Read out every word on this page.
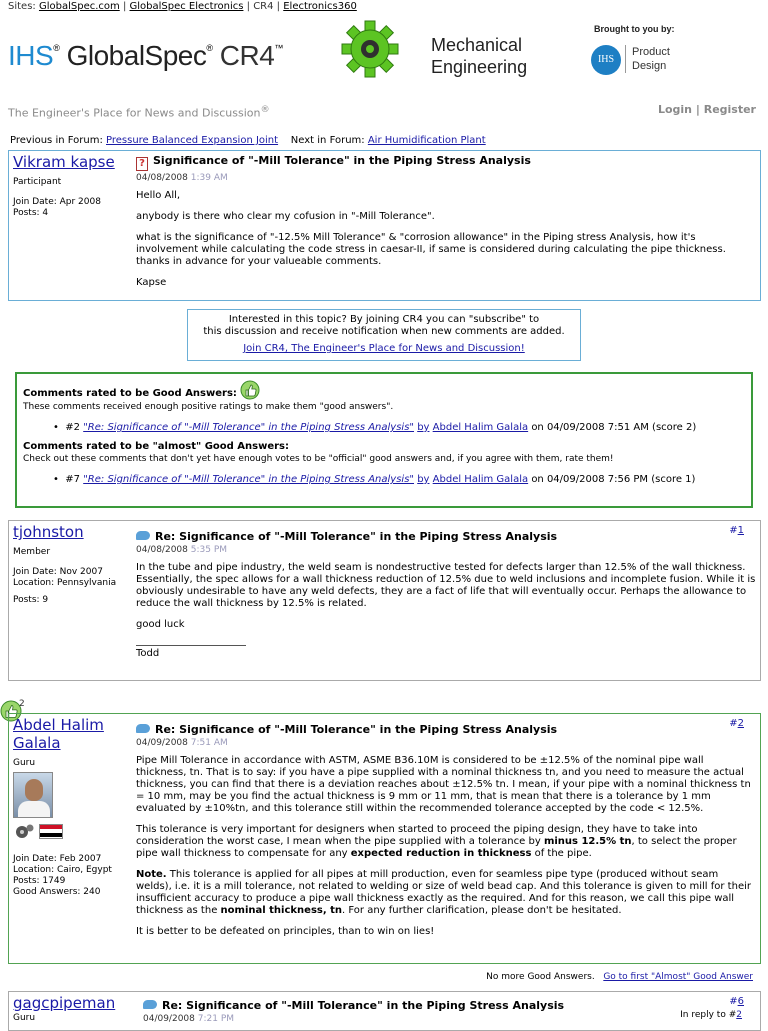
Sites: GlobalSpec.com | GlobalSpec Electronics | CR4 | Electronics360
IHS® GlobalSpec® CR4™	Mechanical
Engineering
Brought to you by:
IHS
Product
Design
The Engineer's Place for News and Discussion®	Login | Register
Previous in Forum: Pressure Balanced Expansion Joint Next in Forum: Air Humidification Plant
Vikram kapse
Participant
Join Date: Apr 2008
Posts: 4
? Significance of "-Mill Tolerance" in the Piping Stress Analysis
04/08/2008 1:39 AM

Hello All,

anybody is there who clear my cofusion in "-Mill Tolerance".

what is the significance of "-12.5% Mill Tolerance" & "corrosion allowance" in the Piping stress Analysis, how it's involvement while calculating the code stress in caesar-II, if same is considered during calculating the pipe thickness. thanks in advance for your valueable comments.

Kapse

Interested in this topic? By joining CR4 you can "subscribe" to
this discussion and receive notification when new comments are added.
Join CR4, The Engineer's Place for News and Discussion!
Comments rated to be Good Answers:
These comments received enough positive ratings to make them "good answers".
•  #2 "Re: Significance of "-Mill Tolerance" in the Piping Stress Analysis" by Abdel Halim Galala on 04/09/2008 7:51 AM (score 2)
Comments rated to be "almost" Good Answers:
Check out these comments that don't yet have enough votes to be "official" good answers and, if you agree with them, rate them!
•  #7 "Re: Significance of "-Mill Tolerance" in the Piping Stress Analysis" by Abdel Halim Galala on 04/09/2008 7:56 PM (score 1)
tjohnston
Member
Join Date: Nov 2007
Location: Pennsylvania
Posts: 9
#1
Re: Significance of "-Mill Tolerance" in the Piping Stress Analysis
04/08/2008 5:35 PM

In the tube and pipe industry, the weld seam is nondestructive tested for defects larger than 12.5% of the wall thickness. Essentially, the spec allows for a wall thickness reduction of 12.5% due to weld inclusions and incomplete fusion. While it is obviously undesirable to have any weld defects, they are a fact of life that will eventually occur. Perhaps the allowance to reduce the wall thickness by 12.5% is related.

good luck

Todd
2
Abdel Halim Galala
Guru
Join Date: Feb 2007
Location: Cairo, Egypt
Posts: 1749
Good Answers: 240
#2
Re: Significance of "-Mill Tolerance" in the Piping Stress Analysis
04/09/2008 7:51 AM

Pipe Mill Tolerance in accordance with ASTM, ASME B36.10M is considered to be ±12.5% of the nominal pipe wall thickness, tn. That is to say: if you have a pipe supplied with a nominal thickness tn, and you need to measure the actual thickness, you can find that there is a deviation reaches about ±12.5% tn. I mean, if your pipe with a nominal thickness tn = 10 mm, may be you find the actual thickness is 9 mm or 11 mm, that is mean that there is a tolerance by 1 mm evaluated by ±10%tn, and this tolerance still within the recommended tolerance accepted by the code < 12.5%.

This tolerance is very important for designers when started to proceed the piping design, they have to take into consideration the worst case, I mean when the pipe supplied with a tolerance by minus 12.5% tn, to select the proper pipe wall thickness to compensate for any expected reduction in thickness of the pipe.

Note. This tolerance is applied for all pipes at mill production, even for seamless pipe type (produced without seam welds), i.e. it is a mill tolerance, not related to welding or size of weld bead cap. And this tolerance is given to mill for their insufficient accuracy to produce a pipe wall thickness exactly as the required. And for this reason, we call this pipe wall thickness as the nominal thickness, tn. For any further clarification, please don't be hesitated.

It is better to be defeated on principles, than to win on lies!
No more Good Answers. Go to first "Almost" Good Answer
gagcpipeman
Guru
#6
In reply to #2
Re: Significance of "-Mill Tolerance" in the Piping Stress Analysis
04/09/2008 7:21 PM
